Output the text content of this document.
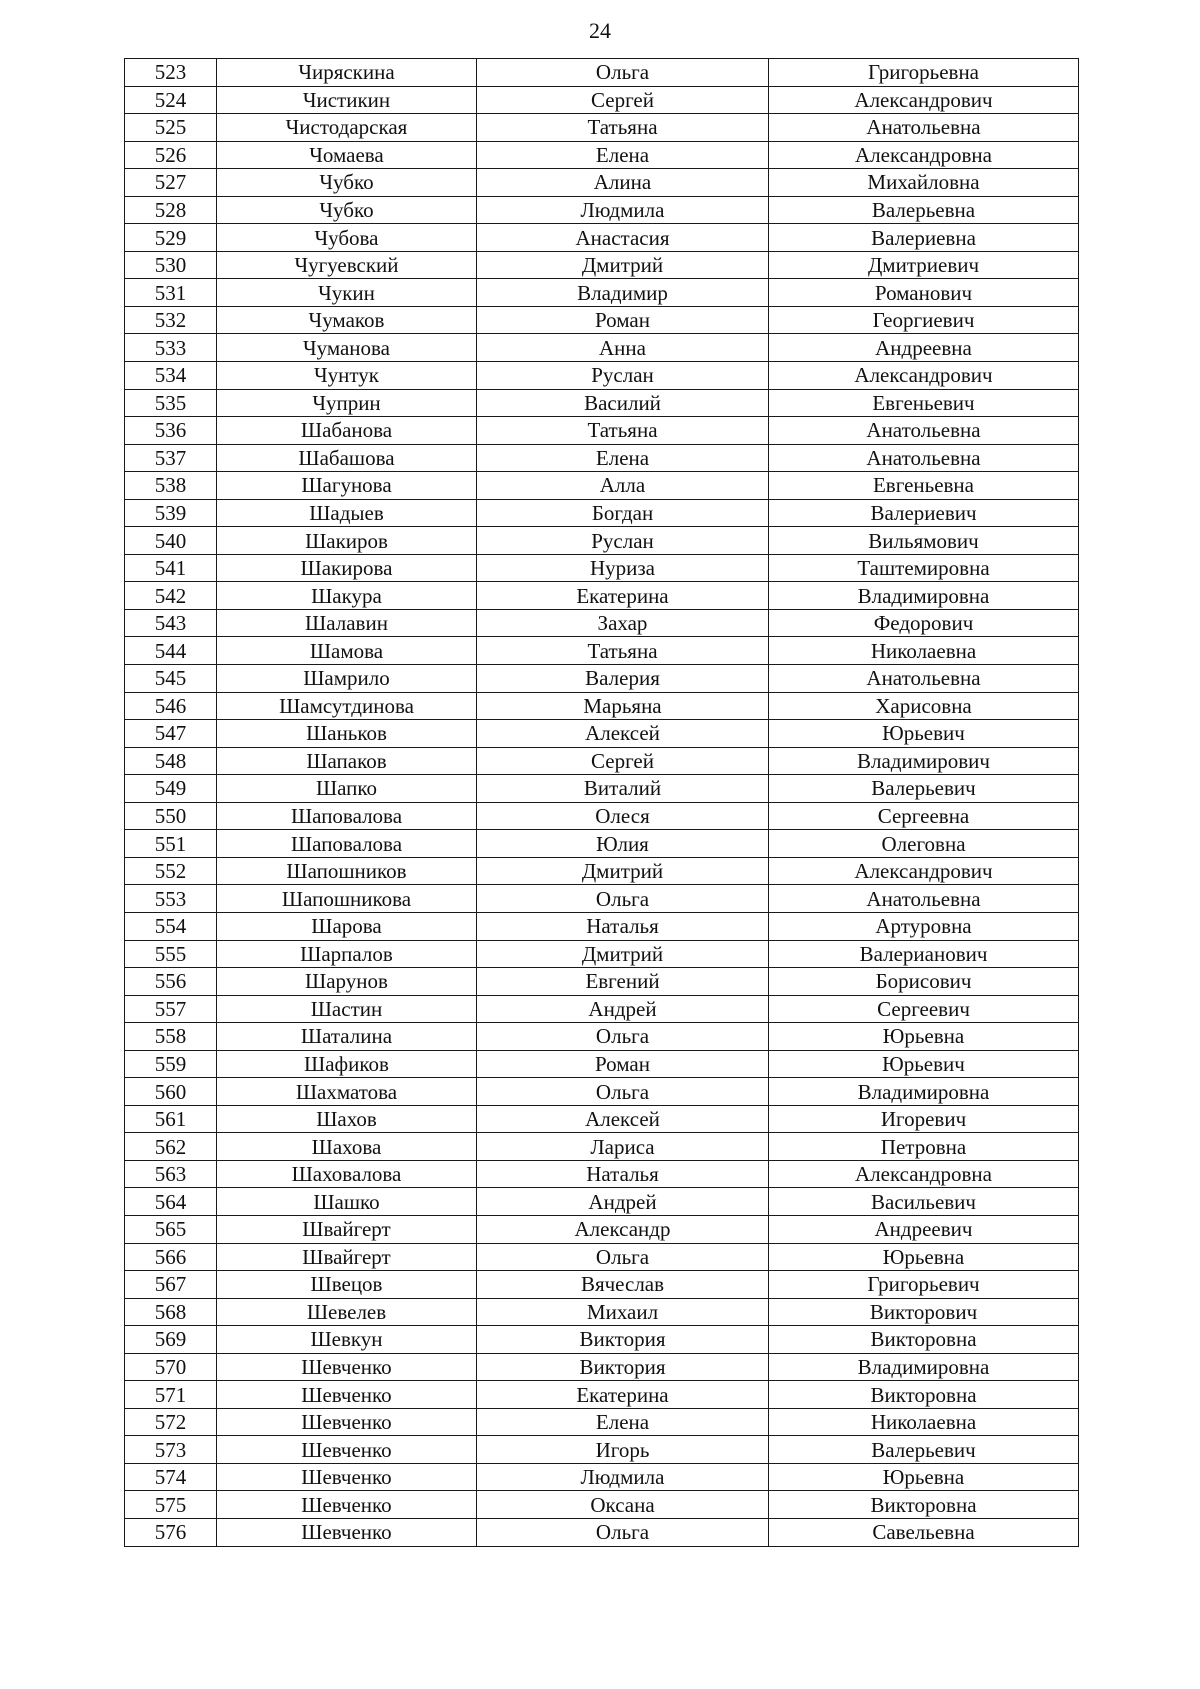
24
523	Чиряскина	Ольга	Григорьевна
524	Чистикин	Сергей	Александрович
525	Чистодарская	Татьяна	Анатольевна
526	Чомаева	Елена	Александровна
527	Чубко	Алина	Михайловна
528	Чубко	Людмила	Валерьевна
529	Чубова	Анастасия	Валериевна
530	Чугуевский	Дмитрий	Дмитриевич
531	Чукин	Владимир	Романович
532	Чумаков	Роман	Георгиевич
533	Чуманова	Анна	Андреевна
534	Чунтук	Руслан	Александрович
535	Чуприн	Василий	Евгеньевич
536	Шабанова	Татьяна	Анатольевна
537	Шабашова	Елена	Анатольевна
538	Шагунова	Алла	Евгеньевна
539	Шадыев	Богдан	Валериевич
540	Шакиров	Руслан	Вильямович
541	Шакирова	Нуриза	Таштемировна
542	Шакура	Екатерина	Владимировна
543	Шалавин	Захар	Федорович
544	Шамова	Татьяна	Николаевна
545	Шамрило	Валерия	Анатольевна
546	Шамсутдинова	Марьяна	Харисовна
547	Шаньков	Алексей	Юрьевич
548	Шапаков	Сергей	Владимирович
549	Шапко	Виталий	Валерьевич
550	Шаповалова	Олеся	Сергеевна
551	Шаповалова	Юлия	Олеговна
552	Шапошников	Дмитрий	Александрович
553	Шапошникова	Ольга	Анатольевна
554	Шарова	Наталья	Артуровна
555	Шарпалов	Дмитрий	Валерианович
556	Шарунов	Евгений	Борисович
557	Шастин	Андрей	Сергеевич
558	Шаталина	Ольга	Юрьевна
559	Шафиков	Роман	Юрьевич
560	Шахматова	Ольга	Владимировна
561	Шахов	Алексей	Игоревич
562	Шахова	Лариса	Петровна
563	Шаховалова	Наталья	Александровна
564	Шашко	Андрей	Васильевич
565	Швайгерт	Александр	Андреевич
566	Швайгерт	Ольга	Юрьевна
567	Швецов	Вячеслав	Григорьевич
568	Шевелев	Михаил	Викторович
569	Шевкун	Виктория	Викторовна
570	Шевченко	Виктория	Владимировна
571	Шевченко	Екатерина	Викторовна
572	Шевченко	Елена	Николаевна
573	Шевченко	Игорь	Валерьевич
574	Шевченко	Людмила	Юрьевна
575	Шевченко	Оксана	Викторовна
576	Шевченко	Ольга	Савельевна
